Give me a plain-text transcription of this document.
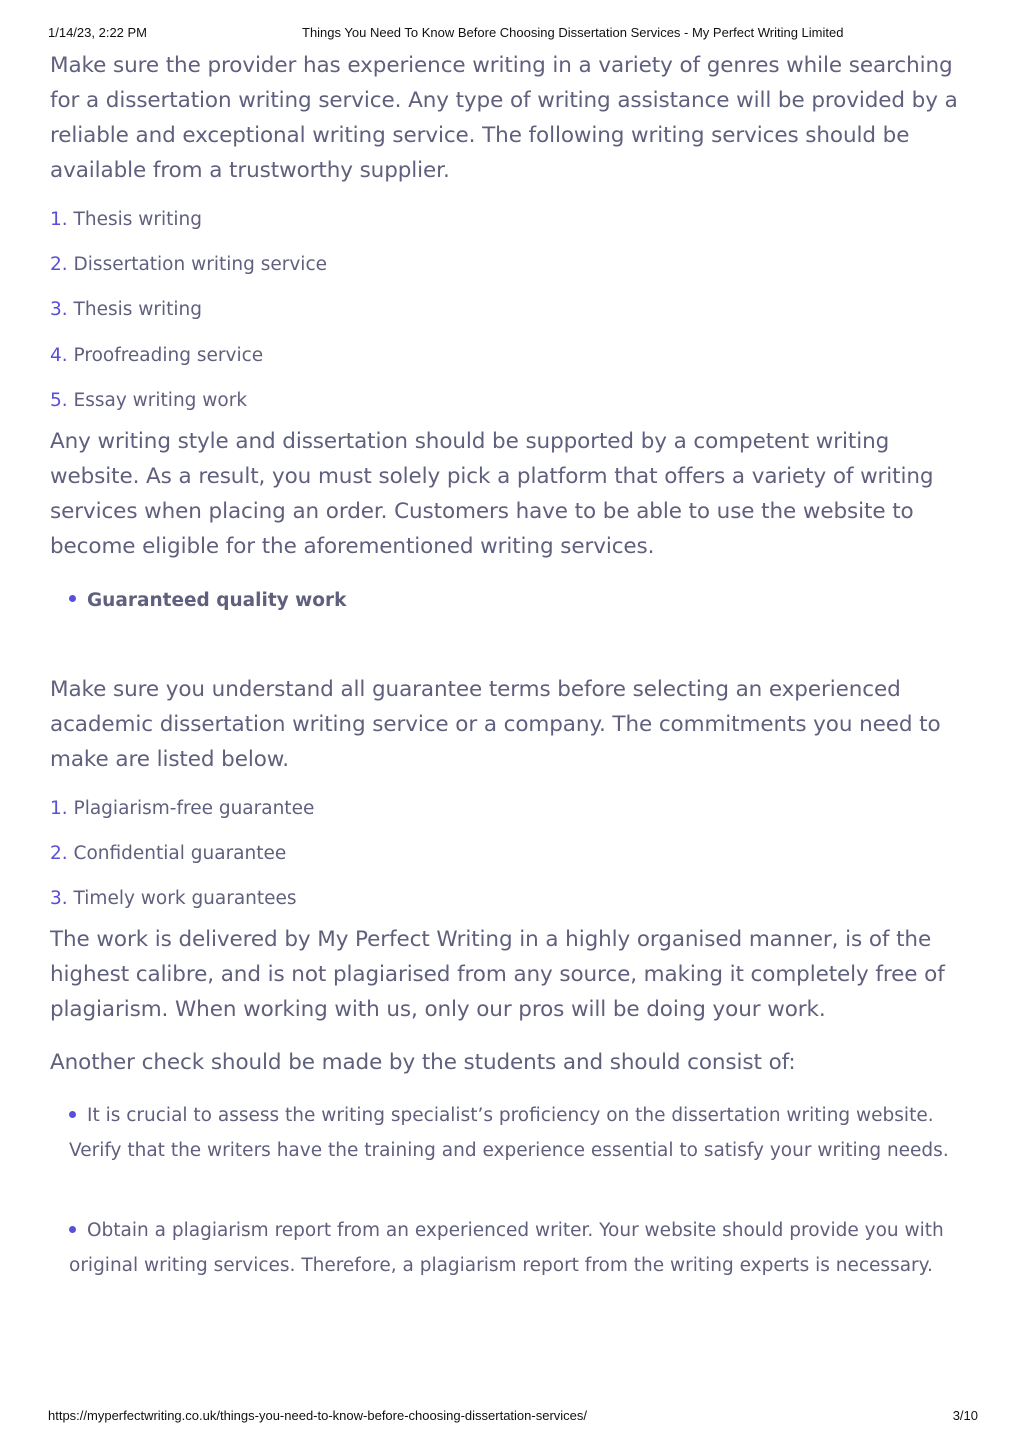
1/14/23, 2:22 PM	Things You Need To Know Before Choosing Dissertation Services - My Perfect Writing Limited

Make sure the provider has experience writing in a variety of genres while searching for a dissertation writing service. Any type of writing assistance will be provided by a reliable and exceptional writing service. The following writing services should be available from a trustworthy supplier.

1. Thesis writing
2. Dissertation writing service
3. Thesis writing
4. Proofreading service
5. Essay writing work

Any writing style and dissertation should be supported by a competent writing website. As a result, you must solely pick a platform that offers a variety of writing services when placing an order. Customers have to be able to use the website to become eligible for the aforementioned writing services.

Guaranteed quality work

Make sure you understand all guarantee terms before selecting an experienced academic dissertation writing service or a company. The commitments you need to make are listed below.

1. Plagiarism-free guarantee
2. Confidential guarantee
3. Timely work guarantees

The work is delivered by My Perfect Writing in a highly organised manner, is of the highest calibre, and is not plagiarised from any source, making it completely free of plagiarism. When working with us, only our pros will be doing your work.

Another check should be made by the students and should consist of:

It is crucial to assess the writing specialist’s proficiency on the dissertation writing website. Verify that the writers have the training and experience essential to satisfy your writing needs.
Obtain a plagiarism report from an experienced writer. Your website should provide you with original writing services. Therefore, a plagiarism report from the writing experts is necessary.
https://myperfectwriting.co.uk/things-you-need-to-know-before-choosing-dissertation-services/	3/10
